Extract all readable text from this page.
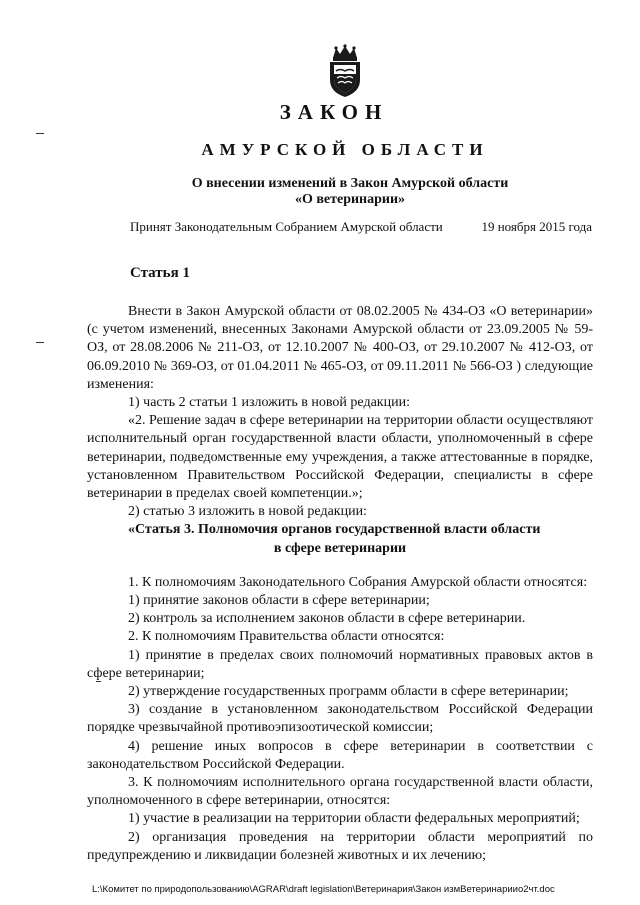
ЗАКОН
АМУРСКОЙ ОБЛАСТИ
О внесении изменений в Закон Амурской области
«О ветеринарии»
Принят Законодательным Собранием Амурской области	19 ноября 2015 года
Статья 1

Внести в Закон Амурской области от 08.02.2005 № 434-ОЗ «О ветеринарии» (с учетом изменений, внесенных Законами Амурской области от 23.09.2005 № 59-ОЗ, от 28.08.2006 № 211-ОЗ, от 12.10.2007 № 400-ОЗ, от 29.10.2007 № 412-ОЗ, от 06.09.2010 № 369-ОЗ, от 01.04.2011 № 465-ОЗ, от 09.11.2011 № 566-ОЗ ) следующие изменения:

1) часть 2 статьи 1 изложить в новой редакции:

«2. Решение задач в сфере ветеринарии на территории области осуществляют исполнительный орган государственной власти области, уполномоченный в сфере ветеринарии, подведомственные ему учреждения, а также аттестованные в порядке, установленном Правительством Российской Федерации, специалисты в сфере ветеринарии в пределах своей компетенции.»;

2) статью 3 изложить в новой редакции:

«Статья 3. Полномочия органов государственной власти области

в сфере ветеринарии

1. К полномочиям Законодательного Собрания Амурской области относятся:

1) принятие законов области в сфере ветеринарии;

2) контроль за исполнением законов области в сфере ветеринарии.

2. К полномочиям Правительства области относятся:

1) принятие в пределах своих полномочий нормативных правовых актов в сфере ветеринарии;

2) утверждение государственных программ области в сфере ветеринарии;

3) создание в установленном законодательством Российской Федерации порядке чрезвычайной противоэпизоотической комиссии;

4) решение иных вопросов в сфере ветеринарии в соответствии с законодательством Российской Федерации.

3. К полномочиям исполнительного органа государственной власти области, уполномоченного в сфере ветеринарии, относятся:

1) участие в реализации на территории области федеральных мероприятий;

2) организация проведения на территории области мероприятий по предупреждению и ликвидации болезней животных и их лечению;

L:\Комитет по природопользованию\AGRAR\draft legislation\Ветеринария\Закон измВетеринариио2чт.doc
